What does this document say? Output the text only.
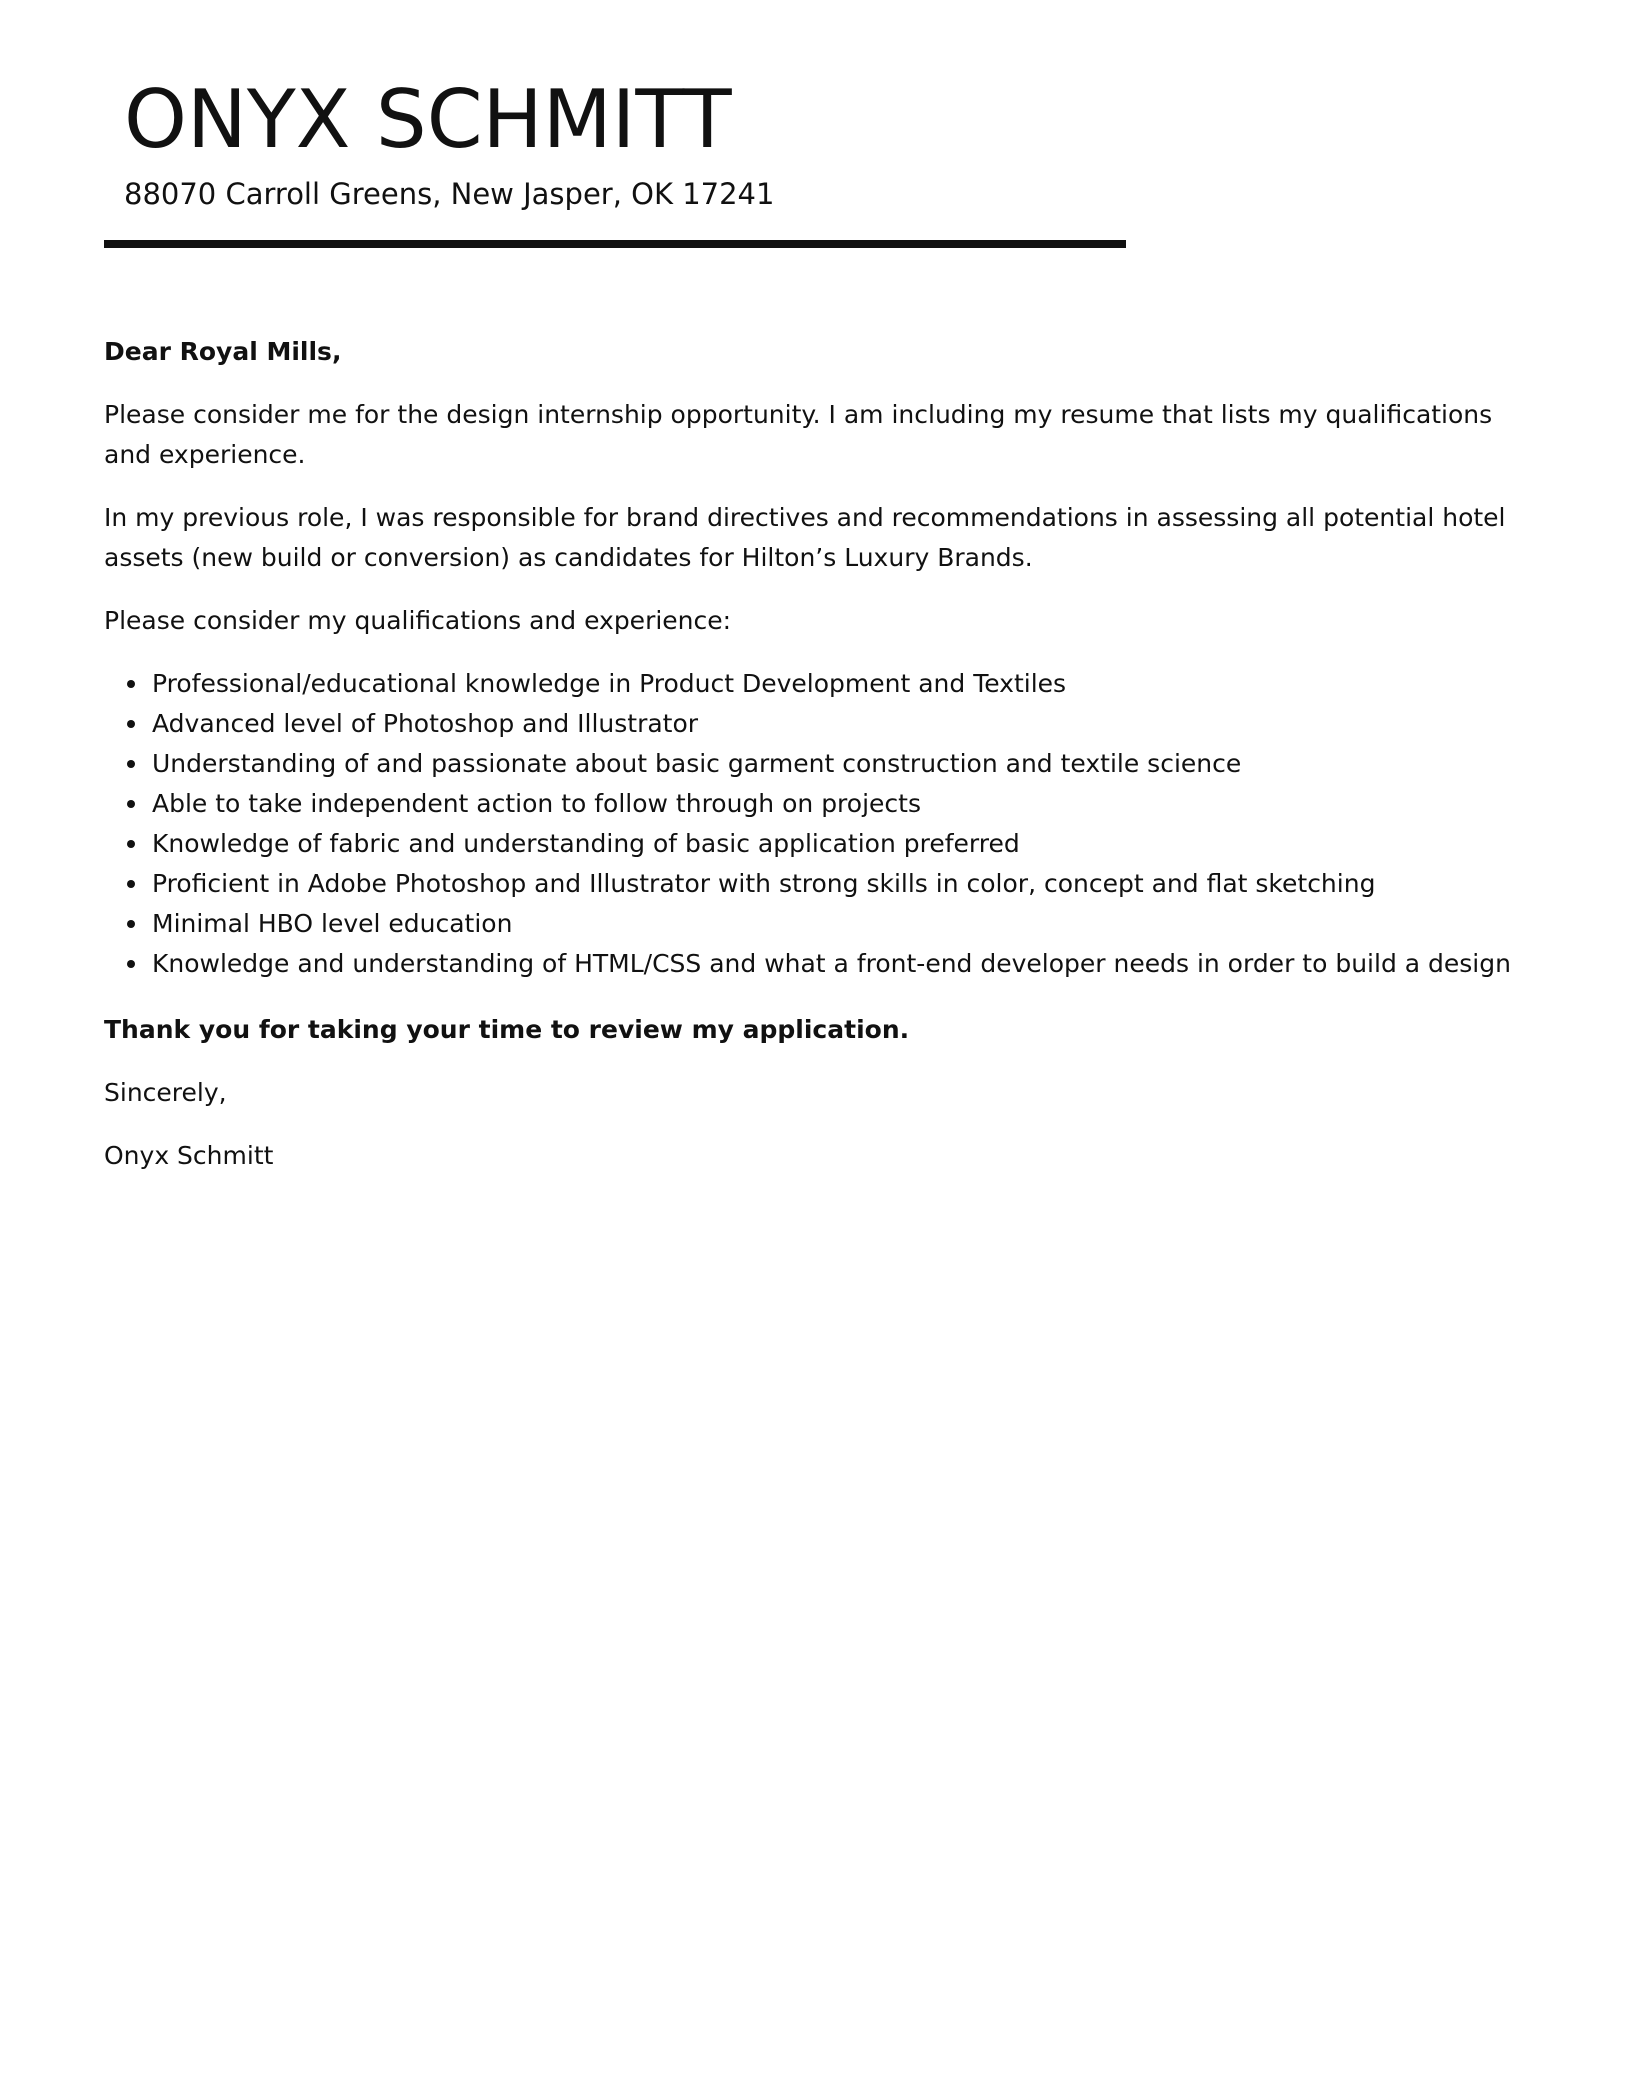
ONYX SCHMITT
88070 Carroll Greens, New Jasper, OK 17241

Dear Royal Mills,

Please consider me for the design internship opportunity. I am including my resume that lists my qualifications and experience.

In my previous role, I was responsible for brand directives and recommendations in assessing all potential hotel assets (new build or conversion) as candidates for Hilton’s Luxury Brands.

Please consider my qualifications and experience:

Professional/educational knowledge in Product Development and Textiles
Advanced level of Photoshop and Illustrator
Understanding of and passionate about basic garment construction and textile science
Able to take independent action to follow through on projects
Knowledge of fabric and understanding of basic application preferred
Proficient in Adobe Photoshop and Illustrator with strong skills in color, concept and flat sketching
Minimal HBO level education
Knowledge and understanding of HTML/CSS and what a front-end developer needs in order to build a design

Thank you for taking your time to review my application.

Sincerely,

Onyx Schmitt
